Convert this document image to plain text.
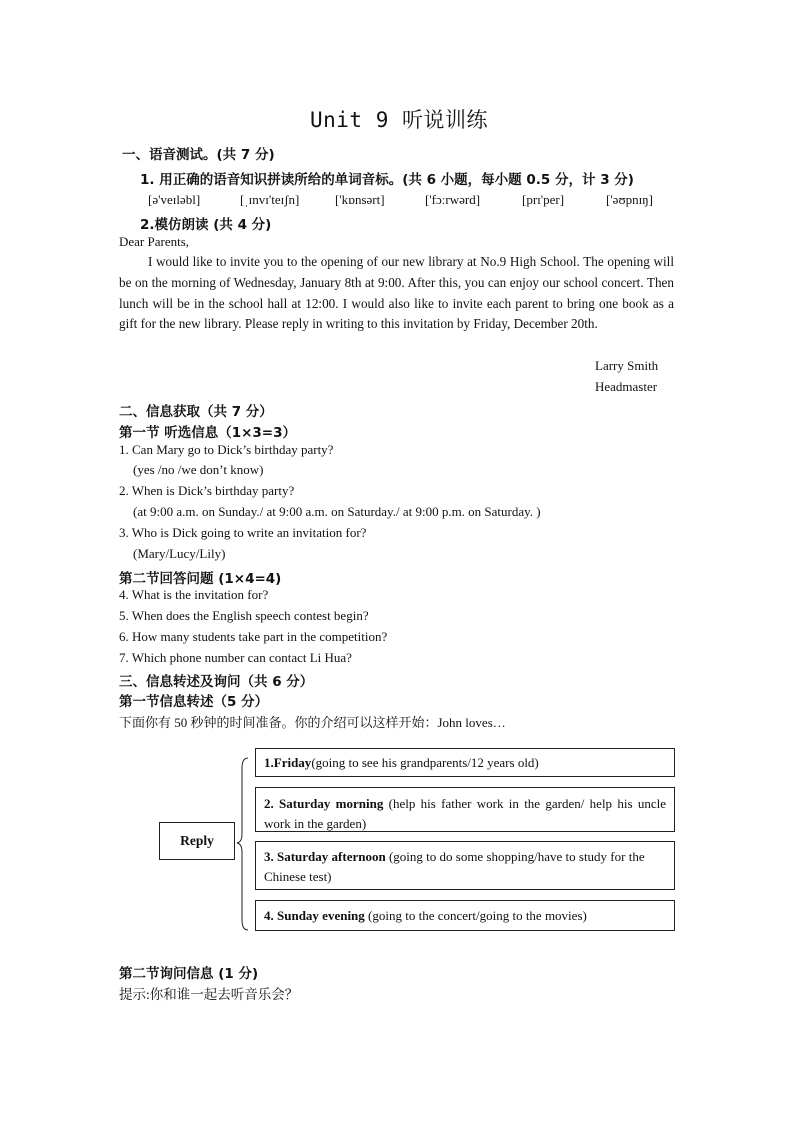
Unit 9 听说训练
一、语音测试。(共 7 分)
1. 用正确的语音知识拼读所给的单词音标。(共 6 小题，每小题 0.5 分，计 3 分)
[ə'veɪləbl]	[ˌɪnvɪ'teɪʃn]	['kɒnsərt]	['fɔːrwərd]	[prɪ'per]	['əʊpnɪŋ]
2.模仿朗读 (共 4 分)
Dear Parents,
I would like to invite you to the opening of our new library at No.9 High School. The opening will be on the morning of Wednesday, January 8th at 9:00. After this, you can enjoy our school concert. Then lunch will be in the school hall at 12:00. I would also like to invite each parent to bring one book as a gift for the new library. Please reply in writing to this invitation by Friday, December 20th.
Larry Smith
Headmaster
二、信息获取（共 7 分）
第一节 听选信息（1×3=3）
1. Can Mary go to Dick’s birthday party?
(yes /no /we don’t know)
2. When is Dick’s birthday party?
(at 9:00 a.m. on Sunday./ at 9:00 a.m. on Saturday./ at 9:00 p.m. on Saturday. )
3. Who is Dick going to write an invitation for?
(Mary/Lucy/Lily)
第二节回答问题 (1×4=4)
4. What is the invitation for?
5. When does the English speech contest begin?
6. How many students take part in the competition?
7. Which phone number can contact Li Hua?
三、信息转述及询问（共 6 分）
第一节信息转述（5 分）
下面你有 50 秒钟的时间准备。你的介绍可以这样开始：John loves…
Reply
1.Friday(going to see his grandparents/12 years old)
2. Saturday morning (help his father work in the garden/ help his uncle work in the garden)
3. Saturday afternoon (going to do some shopping/have to study for the Chinese test)
4. Sunday evening (going to the concert/going to the movies)
第二节询问信息 (1 分)
提示:你和谁一起去听音乐会？
